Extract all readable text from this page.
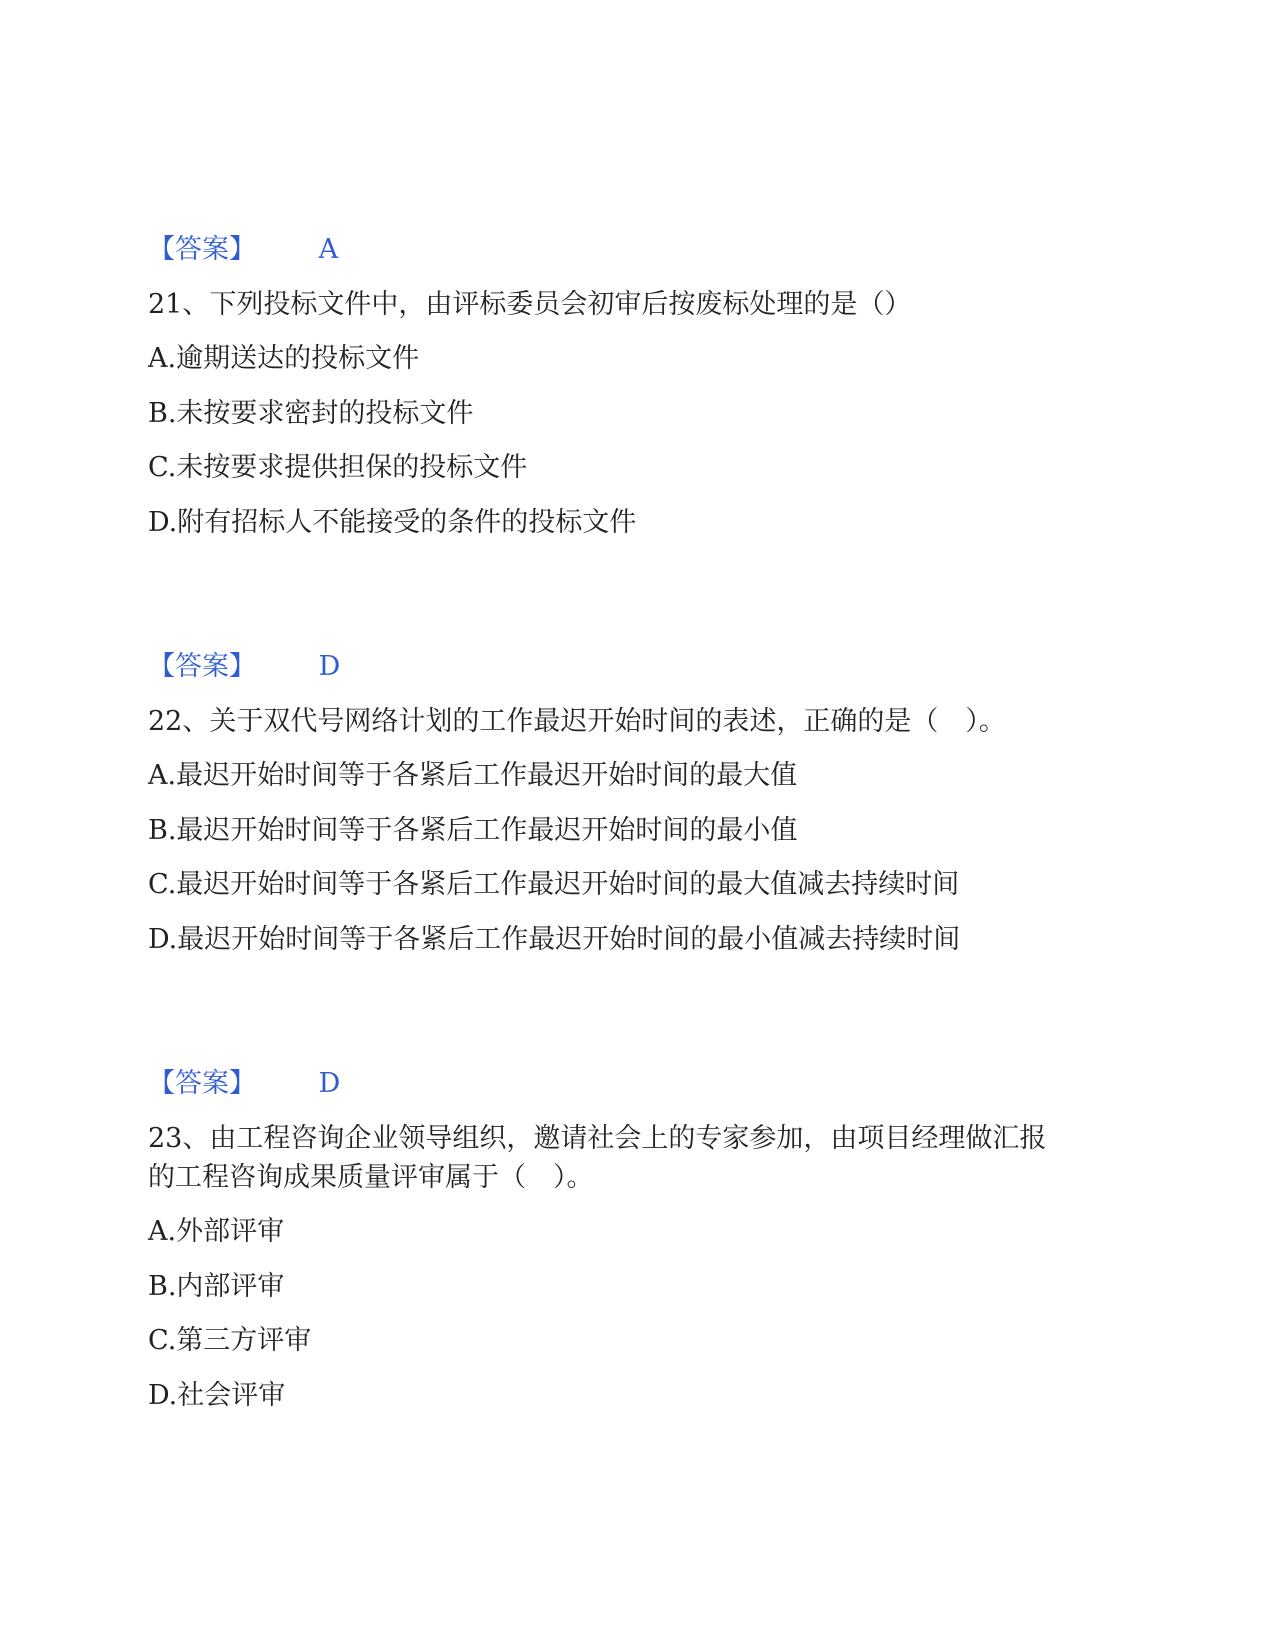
【答案】 A
21、下列投标文件中，由评标委员会初审后按废标处理的是（）
A.逾期送达的投标文件
B.未按要求密封的投标文件
C.未按要求提供担保的投标文件
D.附有招标人不能接受的条件的投标文件
【答案】 D
22、关于双代号网络计划的工作最迟开始时间的表述，正确的是（　）。
A.最迟开始时间等于各紧后工作最迟开始时间的最大值
B.最迟开始时间等于各紧后工作最迟开始时间的最小值
C.最迟开始时间等于各紧后工作最迟开始时间的最大值减去持续时间
D.最迟开始时间等于各紧后工作最迟开始时间的最小值减去持续时间
【答案】 D
23、由工程咨询企业领导组织，邀请社会上的专家参加，由项目经理做汇报
的工程咨询成果质量评审属于（　）。
A.外部评审
B.内部评审
C.第三方评审
D.社会评审
